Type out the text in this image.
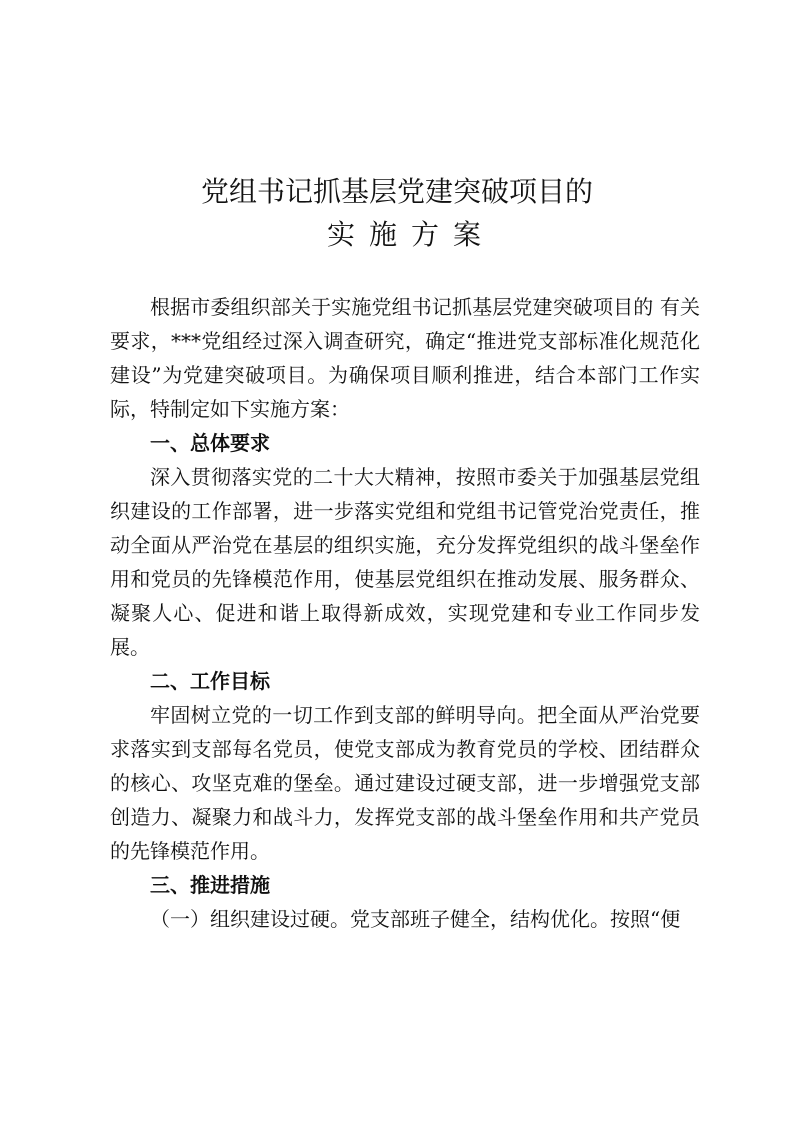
党组书记抓基层党建突破项目的
实施方案

根据市委组织部关于实施党组书记抓基层党建突破项目的 有关要求，***党组经过深入调查研究，确定“推进党支部标准化规范化建设”为党建突破项目。为确保项目顺利推进，结合本部门工作实际，特制定如下实施方案：

一、总体要求

深入贯彻落实党的二十大大精神，按照市委关于加强基层党组织建设的工作部署，进一步落实党组和党组书记管党治党责任，推动全面从严治党在基层的组织实施，充分发挥党组织的战斗堡垒作用和党员的先锋模范作用，使基层党组织在推动发展、服务群众、凝聚人心、促进和谐上取得新成效，实现党建和专业工作同步发展。

二、工作目标

牢固树立党的一切工作到支部的鲜明导向。把全面从严治党要求落实到支部每名党员，使党支部成为教育党员的学校、团结群众的核心、攻坚克难的堡垒。通过建设过硬支部，进一步增强党支部创造力、凝聚力和战斗力，发挥党支部的战斗堡垒作用和共产党员的先锋模范作用。

三、推进措施

（一）组织建设过硬。党支部班子健全，结构优化。按照“便
